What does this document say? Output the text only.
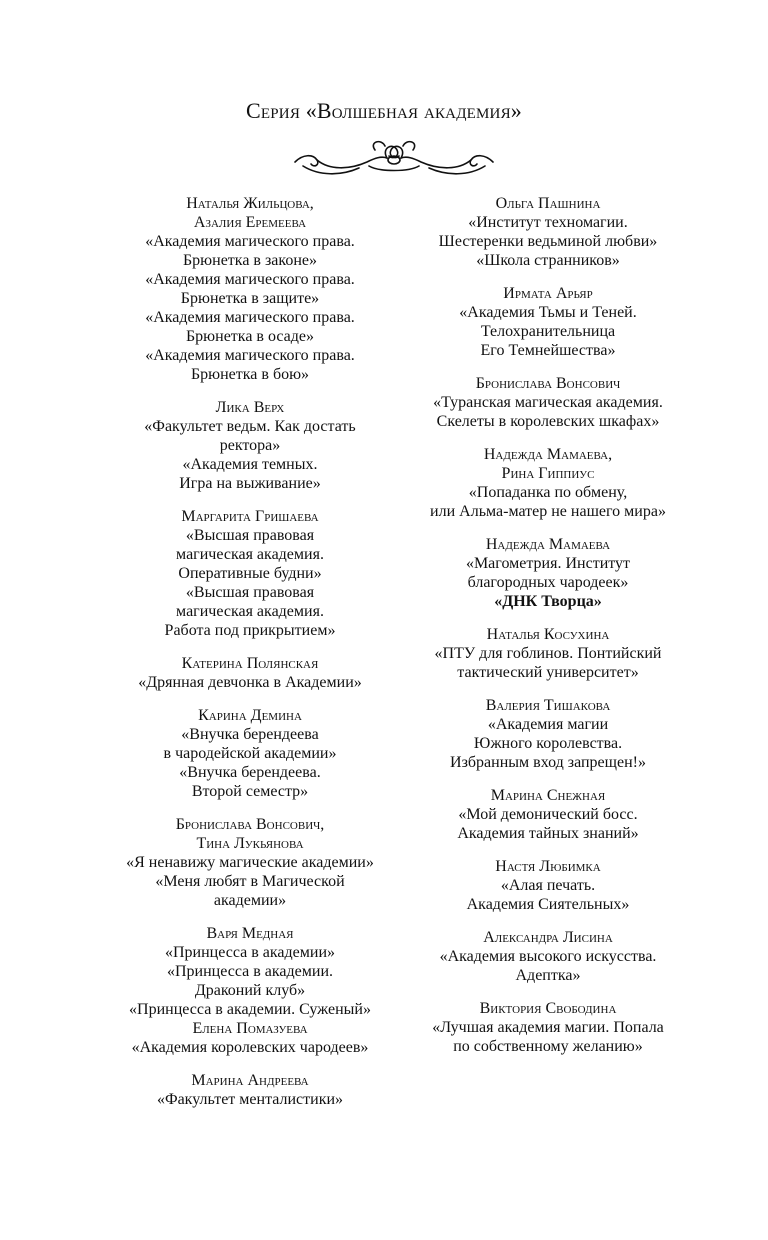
Серия «Волшебная академия»
Наталья Жильцова,
Азалия Еремеева
«Академия магического права.
Брюнетка в законе»
«Академия магического права.
Брюнетка в защите»
«Академия магического права.
Брюнетка в осаде»
«Академия магического права.
Брюнетка в бою»
Лика Верх
«Факультет ведьм. Как достать
ректора»
«Академия темных.
Игра на выживание»
Маргарита Гришаева
«Высшая правовая
магическая академия.
Оперативные будни»
«Высшая правовая
магическая академия.
Работа под прикрытием»
Катерина Полянская
«Дрянная девчонка в Академии»
Карина Демина
«Внучка берендеева
в чародейской академии»
«Внучка берендеева.
Второй семестр»
Бронислава Вонсович,
Тина Лукьянова
«Я ненавижу магические академии»
«Меня любят в Магической
академии»
Варя Медная
«Принцесса в академии»
«Принцесса в академии.
Драконий клуб»
«Принцесса в академии. Суженый»
Елена Помазуева
«Академия королевских чародеев»
Марина Андреева
«Факультет менталистики»
Ольга Пашнина
«Институт техномагии.
Шестеренки ведьминой любви»
«Школа странников»
Ирмата Арьяр
«Академия Тьмы и Теней.
Телохранительница
Его Темнейшества»
Бронислава Вонсович
«Туранская магическая академия.
Скелеты в королевских шкафах»
Надежда Мамаева,
Рина Гиппиус
«Попаданка по обмену,
или Альма-матер не нашего мира»
Надежда Мамаева
«Магометрия. Институт
благородных чародеек»
«ДНК Творца»
Наталья Косухина
«ПТУ для гоблинов. Понтийский
тактический университет»
Валерия Тишакова
«Академия магии
Южного королевства.
Избранным вход запрещен!»
Марина Снежная
«Мой демонический босс.
Академия тайных знаний»
Настя Любимка
«Алая печать.
Академия Сиятельных»
Александра Лисина
«Академия высокого искусства.
Адептка»
Виктория Свободина
«Лучшая академия магии. Попала
по собственному желанию»
